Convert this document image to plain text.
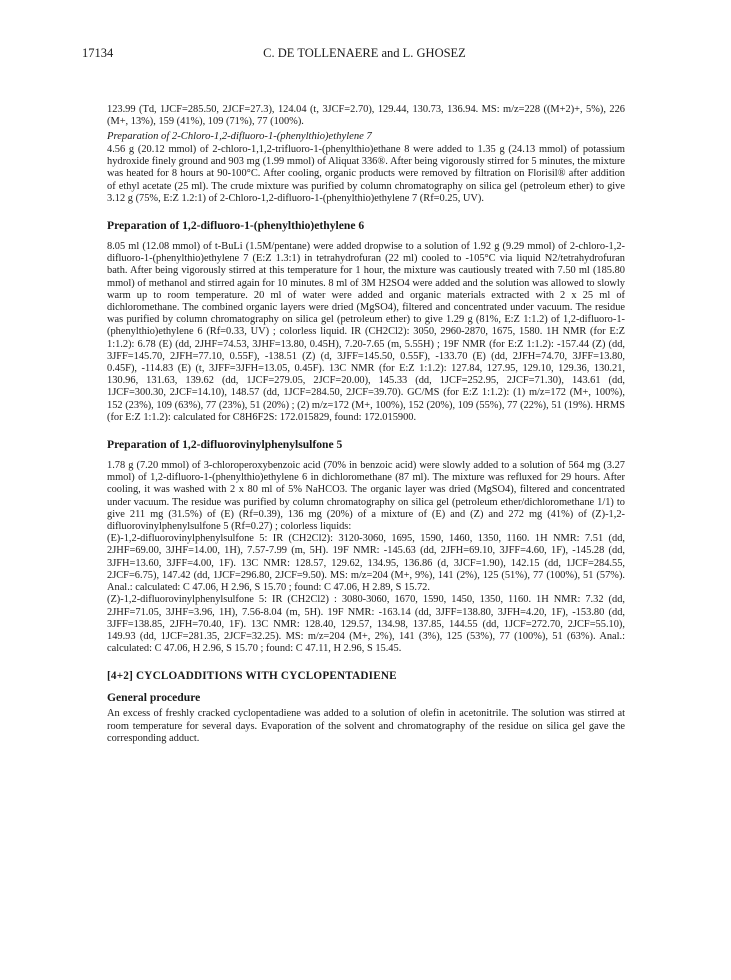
17134	C. DE TOLLENAERE and L. GHOSEZ

123.99 (Td, 1JCF=285.50, 2JCF=27.3), 124.04 (t, 3JCF=2.70), 129.44, 130.73, 136.94. MS: m/z=228 ((M+2)+, 5%), 226 (M+, 13%), 159 (41%), 109 (71%), 77 (100%).

Preparation of 2-Chloro-1,2-difluoro-1-(phenylthio)ethylene 7

4.56 g (20.12 mmol) of 2-chloro-1,1,2-trifluoro-1-(phenylthio)ethane 8 were added to 1.35 g (24.13 mmol) of potassium hydroxide finely ground and 903 mg (1.99 mmol) of Aliquat 336®. After being vigorously stirred for 5 minutes, the mixture was heated for 8 hours at 90-100°C. After cooling, organic products were removed by filtration on Florisil® after addition of ethyl acetate (25 ml). The crude mixture was purified by column chromatography on silica gel (petroleum ether) to give 3.12 g (75%, E:Z 1.2:1) of 2-Chloro-1,2-difluoro-1-(phenylthio)ethylene 7 (Rf=0.25, UV).

Preparation of 1,2-difluoro-1-(phenylthio)ethylene 6

8.05 ml (12.08 mmol) of t-BuLi (1.5M/pentane) were added dropwise to a solution of 1.92 g (9.29 mmol) of 2-chloro-1,2-difluoro-1-(phenylthio)ethylene 7 (E:Z 1.3:1) in tetrahydrofuran (22 ml) cooled to -105°C via liquid N2/tetrahydrofuran bath. After being vigorously stirred at this temperature for 1 hour, the mixture was cautiously treated with 7.50 ml (185.80 mmol) of methanol and stirred again for 10 minutes. 8 ml of 3M H2SO4 were added and the solution was allowed to slowly warm up to room temperature. 20 ml of water were added and organic materials extracted with 2 x 25 ml of dichloromethane. The combined organic layers were dried (MgSO4), filtered and concentrated under vacuum. The residue was purified by column chromatography on silica gel (petroleum ether) to give 1.29 g (81%, E:Z 1:1.2) of 1,2-difluoro-1-(phenylthio)ethylene 6 (Rf=0.33, UV) ; colorless liquid. IR (CH2Cl2): 3050, 2960-2870, 1675, 1580. 1H NMR (for E:Z 1:1.2): 6.78 (E) (dd, 2JHF=74.53, 3JHF=13.80, 0.45H), 7.20-7.65 (m, 5.55H) ; 19F NMR (for E:Z 1:1.2): -157.44 (Z) (dd, 3JFF=145.70, 2JFH=77.10, 0.55F), -138.51 (Z) (d, 3JFF=145.50, 0.55F), -133.70 (E) (dd, 2JFH=74.70, 3JFF=13.80, 0.45F), -114.83 (E) (t, 3JFF=3JFH=13.05, 0.45F). 13C NMR (for E:Z 1:1.2): 127.84, 127.95, 129.10, 129.36, 130.21, 130.96, 131.63, 139.62 (dd, 1JCF=279.05, 2JCF=20.00), 145.33 (dd, 1JCF=252.95, 2JCF=71.30), 143.61 (dd, 1JCF=300.30, 2JCF=14.10), 148.57 (dd, 1JCF=284.50, 2JCF=39.70). GC/MS (for E:Z 1:1.2): (1) m/z=172 (M+, 100%), 152 (23%), 109 (63%), 77 (23%), 51 (20%) ; (2) m/z=172 (M+, 100%), 152 (20%), 109 (55%), 77 (22%), 51 (19%). HRMS (for E:Z 1:1.2): calculated for C8H6F2S: 172.015829, found: 172.015900.

Preparation of 1,2-difluorovinylphenylsulfone 5

1.78 g (7.20 mmol) of 3-chloroperoxybenzoic acid (70% in benzoic acid) were slowly added to a solution of 564 mg (3.27 mmol) of 1,2-difluoro-1-(phenylthio)ethylene 6 in dichloromethane (87 ml). The mixture was refluxed for 29 hours. After cooling, it was washed with 2 x 80 ml of 5% NaHCO3. The organic layer was dried (MgSO4), filtered and concentrated under vacuum. The residue was purified by column chromatography on silica gel (petroleum ether/dichloromethane 1/1) to give 211 mg (31.5%) of (E) (Rf=0.39), 136 mg (20%) of a mixture of (E) and (Z) and 272 mg (41%) of (Z)-1,2-difluorovinylphenylsulfone 5 (Rf=0.27) ; colorless liquids:

(E)-1,2-difluorovinylphenylsulfone 5: IR (CH2Cl2): 3120-3060, 1695, 1590, 1460, 1350, 1160. 1H NMR: 7.51 (dd, 2JHF=69.00, 3JHF=14.00, 1H), 7.57-7.99 (m, 5H). 19F NMR: -145.63 (dd, 2JFH=69.10, 3JFF=4.60, 1F), -145.28 (dd, 3JFH=13.60, 3JFF=4.00, 1F). 13C NMR: 128.57, 129.62, 134.95, 136.86 (d, 3JCF=1.90), 142.15 (dd, 1JCF=284.55, 2JCF=6.75), 147.42 (dd, 1JCF=296.80, 2JCF=9.50). MS: m/z=204 (M+, 9%), 141 (2%), 125 (51%), 77 (100%), 51 (57%). Anal.: calculated: C 47.06, H 2.96, S 15.70 ; found: C 47.06, H 2.89, S 15.72.

(Z)-1,2-difluorovinylphenylsulfone 5: IR (CH2Cl2) : 3080-3060, 1670, 1590, 1450, 1350, 1160. 1H NMR: 7.32 (dd, 2JHF=71.05, 3JHF=3.96, 1H), 7.56-8.04 (m, 5H). 19F NMR: -163.14 (dd, 3JFF=138.80, 3JFH=4.20, 1F), -153.80 (dd, 3JFF=138.85, 2JFH=70.40, 1F). 13C NMR: 128.40, 129.57, 134.98, 137.85, 144.55 (dd, 1JCF=272.70, 2JCF=55.10), 149.93 (dd, 1JCF=281.35, 2JCF=32.25). MS: m/z=204 (M+, 2%), 141 (3%), 125 (53%), 77 (100%), 51 (63%). Anal.: calculated: C 47.06, H 2.96, S 15.70 ; found: C 47.11, H 2.96, S 15.45.

[4+2] CYCLOADDITIONS WITH CYCLOPENTADIENE
General procedure

An excess of freshly cracked cyclopentadiene was added to a solution of olefin in acetonitrile. The solution was stirred at room temperature for several days. Evaporation of the solvent and chromatography of the residue on silica gel gave the corresponding adduct.
